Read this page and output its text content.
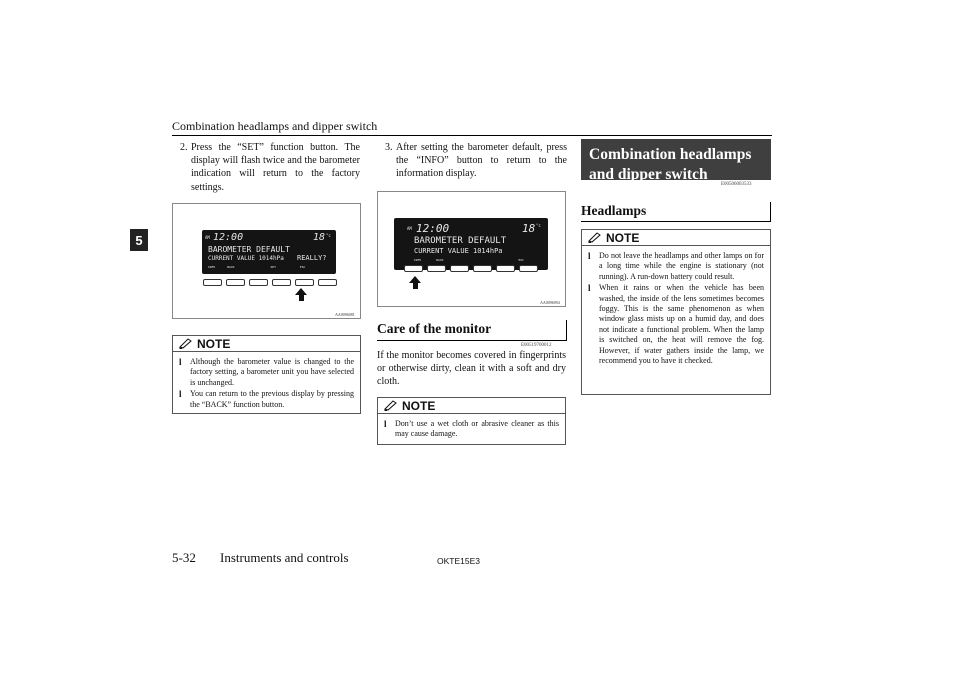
Combination headlamps and dipper switch
5
2. Press the “SET” function button. The display will flash twice and the barometer indication will return to the factory settings.
AM 12:00	18 °c
BAROMETER DEFAULT
CURRENT VALUE 1014hPa REALLY?
INFO	BACK	SET	ESC
AA0096081
NOTE
l	Although the barometer value is changed to the factory setting, a barometer unit you have selected is unchanged.
l	You can return to the previous display by pressing the “BACK” function button.
3. After setting the barometer default, press the “INFO” button to return to the information display.
AM 12:00	18 °c
BAROMETER DEFAULT
CURRENT VALUE 1014hPa
INFO	BACK	ESC
AA0096094
Care of the monitor
E00519700012
If the monitor becomes covered in fingerprints or otherwise dirty, clean it with a soft and dry cloth.
NOTE
l	Don’t use a wet cloth or abrasive cleaner as this may cause damage.
Combination headlamps and dipper switch
E00506003533
Headlamps
NOTE
l	Do not leave the headlamps and other lamps on for a long time while the engine is stationary (not running). A run-down battery could result.
l	When it rains or when the vehicle has been washed, the inside of the lens sometimes becomes foggy. This is the same phenomenon as when window glass mists up on a humid day, and does not indicate a functional problem. When the lamp is switched on, the heat will remove the fog. However, if water gathers inside the lamp, we recommend you to have it checked.
5-32 Instruments and controls	OKTE15E3
